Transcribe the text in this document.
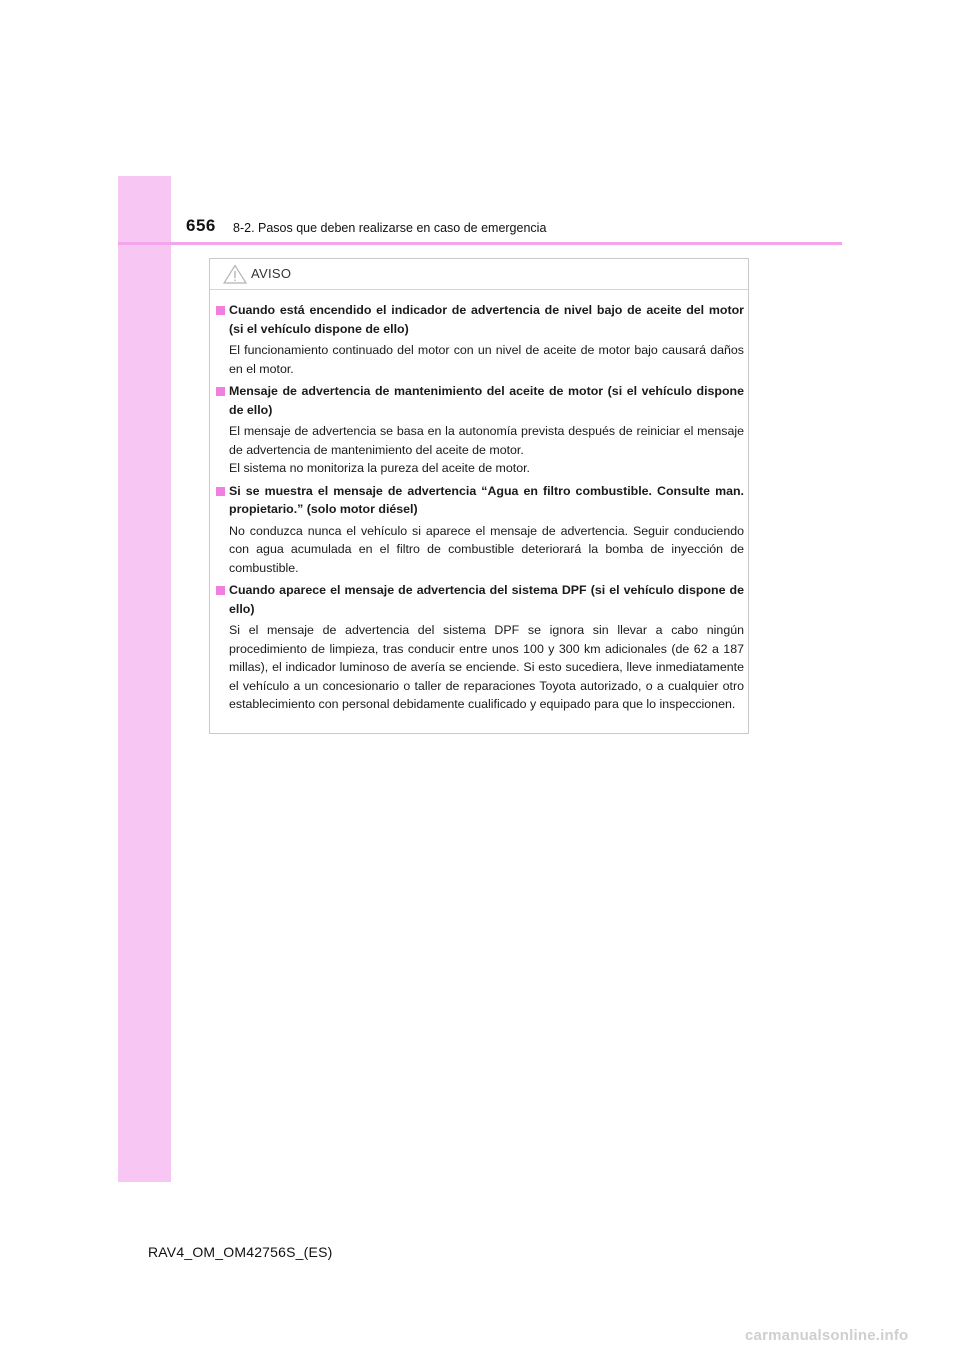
656 8-2. Pasos que deben realizarse en caso de emergencia
AVISO
Cuando está encendido el indicador de advertencia de nivel bajo de aceite del motor (si el vehículo dispone de ello)

El funcionamiento continuado del motor con un nivel de aceite de motor bajo causará daños en el motor.

Mensaje de advertencia de mantenimiento del aceite de motor (si el vehículo dispone de ello)

El mensaje de advertencia se basa en la autonomía prevista después de reiniciar el mensaje de advertencia de mantenimiento del aceite de motor.

El sistema no monitoriza la pureza del aceite de motor.

Si se muestra el mensaje de advertencia “Agua en filtro combustible. Consulte man. propietario.” (solo motor diésel)

No conduzca nunca el vehículo si aparece el mensaje de advertencia. Seguir conduciendo con agua acumulada en el filtro de combustible deteriorará la bomba de inyección de combustible.

Cuando aparece el mensaje de advertencia del sistema DPF (si el vehículo dispone de ello)

Si el mensaje de advertencia del sistema DPF se ignora sin llevar a cabo ningún procedimiento de limpieza, tras conducir entre unos 100 y 300 km adicionales (de 62 a 187 millas), el indicador luminoso de avería se enciende. Si esto sucediera, lleve inmediatamente el vehículo a un concesionario o taller de reparaciones Toyota autorizado, o a cualquier otro establecimiento con personal debidamente cualificado y equipado para que lo inspeccionen.

RAV4_OM_OM42756S_(ES)
carmanualsonline.info
